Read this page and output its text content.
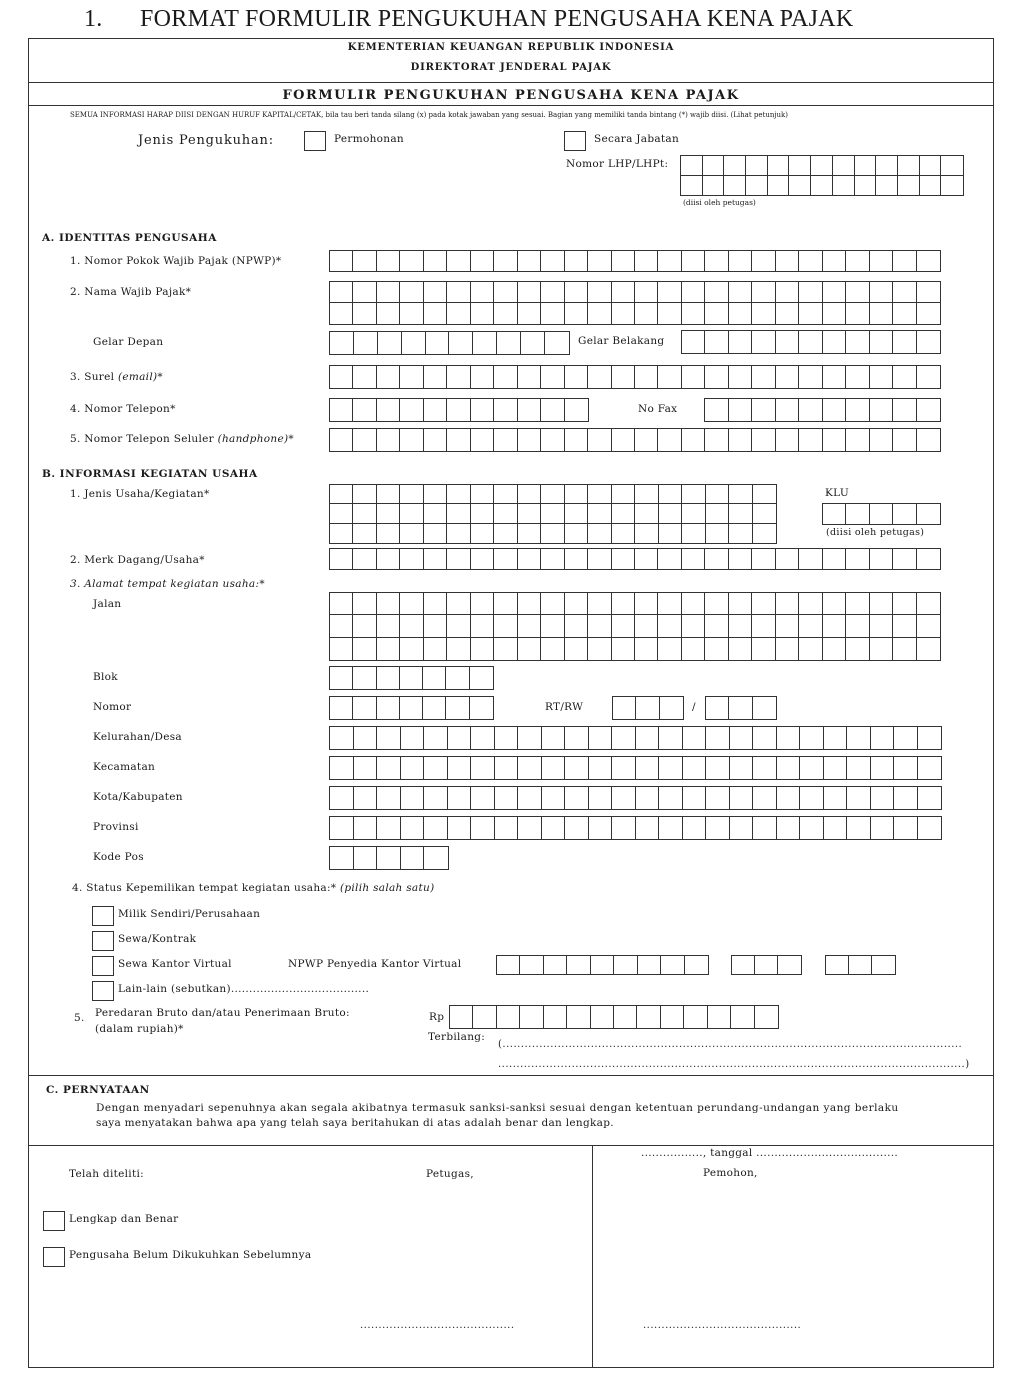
1. FORMAT FORMULIR PENGUKUHAN PENGUSAHA KENA PAJAK
KEMENTERIAN KEUANGAN REPUBLIK INDONESIA
DIREKTORAT JENDERAL PAJAK
FORMULIR PENGUKUHAN PENGUSAHA KENA PAJAK
SEMUA INFORMASI HARAP DIISI DENGAN HURUF KAPITAL/CETAK, bila tau beri tanda silang (x) pada kotak jawaban yang sesuai. Bagian yang memiliki tanda bintang (*) wajib diisi. (Lihat petunjuk)
Jenis Pengukuhan:	Permohonan	Secara Jabatan
Nomor LHP/LHPt:
(diisi oleh petugas)
A. IDENTITAS PENGUSAHA
1. Nomor Pokok Wajib Pajak (NPWP)*
2. Nama Wajib Pajak*
Gelar Depan	Gelar Belakang
3. Surel (email)*
4. Nomor Telepon*	No Fax
5. Nomor Telepon Seluler (handphone)*
B. INFORMASI KEGIATAN USAHA
1. Jenis Usaha/Kegiatan*	KLU
(diisi oleh petugas)
2. Merk Dagang/Usaha*
3. Alamat tempat kegiatan usaha:*
Jalan
Blok
Nomor	RT/RW	/
Kelurahan/Desa
Kecamatan
Kota/Kabupaten
Provinsi
Kode Pos
4. Status Kepemilikan tempat kegiatan usaha:* (pilih salah satu)
Milik Sendiri/Perusahaan
Sewa/Kontrak
Sewa Kantor Virtual	NPWP Penyedia Kantor Virtual
Lain-lain (sebutkan)......................................
5. Peredaran Bruto dan/atau Penerimaan Bruto:
(dalam rupiah)*
Rp
Terbilang:
(.............................................................................................................................
...............................................................................................................................)
C. PERNYATAAN
Dengan menyadari sepenuhnya akan segala akibatnya termasuk sanksi-sanksi sesuai dengan ketentuan perundang-undangan yang berlaku
saya menyatakan bahwa apa yang telah saya beritahukan di atas adalah benar dan lengkap.
Telah diteliti:	Petugas,
................., tanggal .......................................
Pemohon,
Lengkap dan Benar
Pengusaha Belum Dikukuhkan Sebelumnya
..........................................	...........................................
